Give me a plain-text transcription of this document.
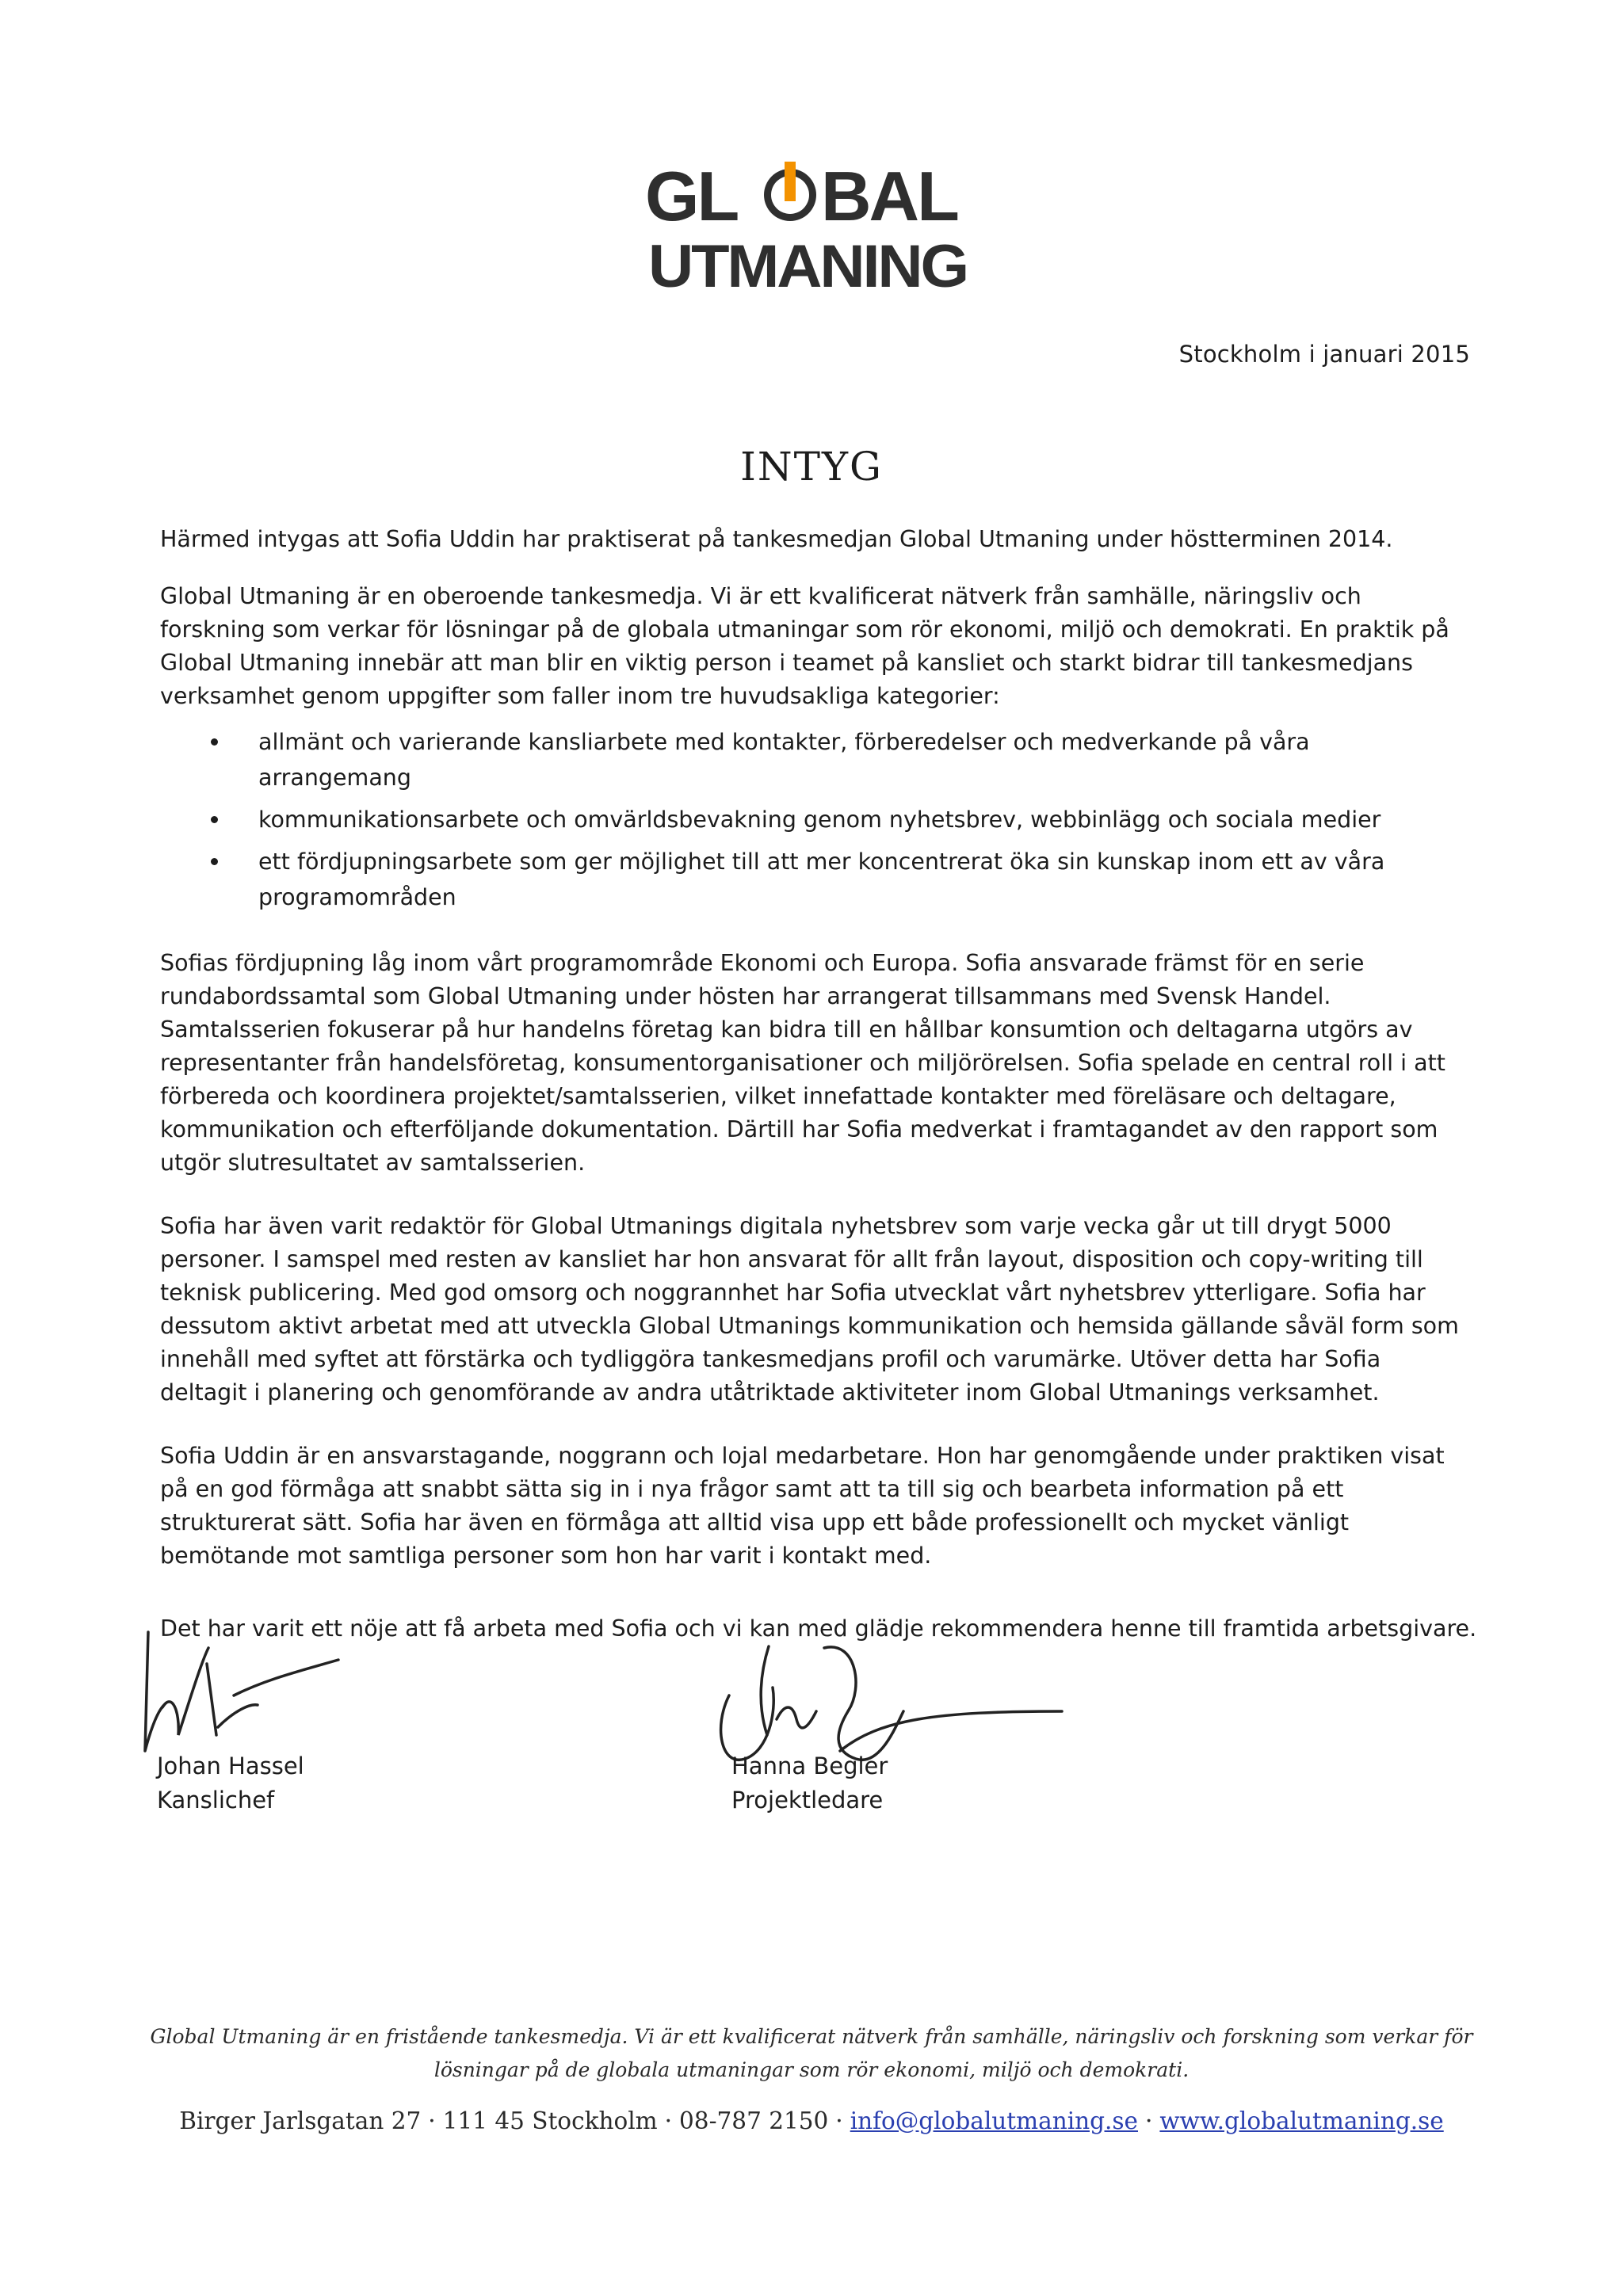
GL BAL
UTMANING
Stockholm i januari 2015
INTYG

Härmed intygas att Sofia Uddin har praktiserat på tankesmedjan Global Utmaning under höstterminen 2014.

Global Utmaning är en oberoende tankesmedja. Vi är ett kvalificerat nätverk från samhälle, näringsliv och forskning som verkar för lösningar på de globala utmaningar som rör ekonomi, miljö och demokrati. En praktik på Global Utmaning innebär att man blir en viktig person i teamet på kansliet och starkt bidrar till tankesmedjans verksamhet genom uppgifter som faller inom tre huvudsakliga kategorier:

allmänt och varierande kansliarbete med kontakter, förberedelser och medverkande på våra arrangemang
kommunikationsarbete och omvärldsbevakning genom nyhetsbrev, webbinlägg och sociala medier
ett fördjupningsarbete som ger möjlighet till att mer koncentrerat öka sin kunskap inom ett av våra programområden

Sofias fördjupning låg inom vårt programområde Ekonomi och Europa. Sofia ansvarade främst för en serie rundabordssamtal som Global Utmaning under hösten har arrangerat tillsammans med Svensk Handel. Samtalsserien fokuserar på hur handelns företag kan bidra till en hållbar konsumtion och deltagarna utgörs av representanter från handelsföretag, konsumentorganisationer och miljörörelsen. Sofia spelade en central roll i att förbereda och koordinera projektet/samtalsserien, vilket innefattade kontakter med föreläsare och deltagare, kommunikation och efterföljande dokumentation. Därtill har Sofia medverkat i framtagandet av den rapport som utgör slutresultatet av samtalsserien.

Sofia har även varit redaktör för Global Utmanings digitala nyhetsbrev som varje vecka går ut till drygt 5000 personer. I samspel med resten av kansliet har hon ansvarat för allt från layout, disposition och copy-writing till teknisk publicering. Med god omsorg och noggrannhet har Sofia utvecklat vårt nyhetsbrev ytterligare. Sofia har dessutom aktivt arbetat med att utveckla Global Utmanings kommunikation och hemsida gällande såväl form som innehåll med syftet att förstärka och tydliggöra tankesmedjans profil och varumärke. Utöver detta har Sofia deltagit i planering och genomförande av andra utåtriktade aktiviteter inom Global Utmanings verksamhet.

Sofia Uddin är en ansvarstagande, noggrann och lojal medarbetare. Hon har genomgående under praktiken visat på en god förmåga att snabbt sätta sig in i nya frågor samt att ta till sig och bearbeta information på ett strukturerat sätt. Sofia har även en förmåga att alltid visa upp ett både professionellt och mycket vänligt bemötande mot samtliga personer som hon har varit i kontakt med.

Det har varit ett nöje att få arbeta med Sofia och vi kan med glädje rekommendera henne till framtida arbetsgivare.
Johan Hassel
Kanslichef
Hanna Begler
Projektledare
Global Utmaning är en fristående tankesmedja. Vi är ett kvalificerat nätverk från samhälle, näringsliv och forskning som verkar för lösningar på de globala utmaningar som rör ekonomi, miljö och demokrati.
Birger Jarlsgatan 27 · 111 45 Stockholm · 08-787 2150 · info@globalutmaning.se · www.globalutmaning.se
